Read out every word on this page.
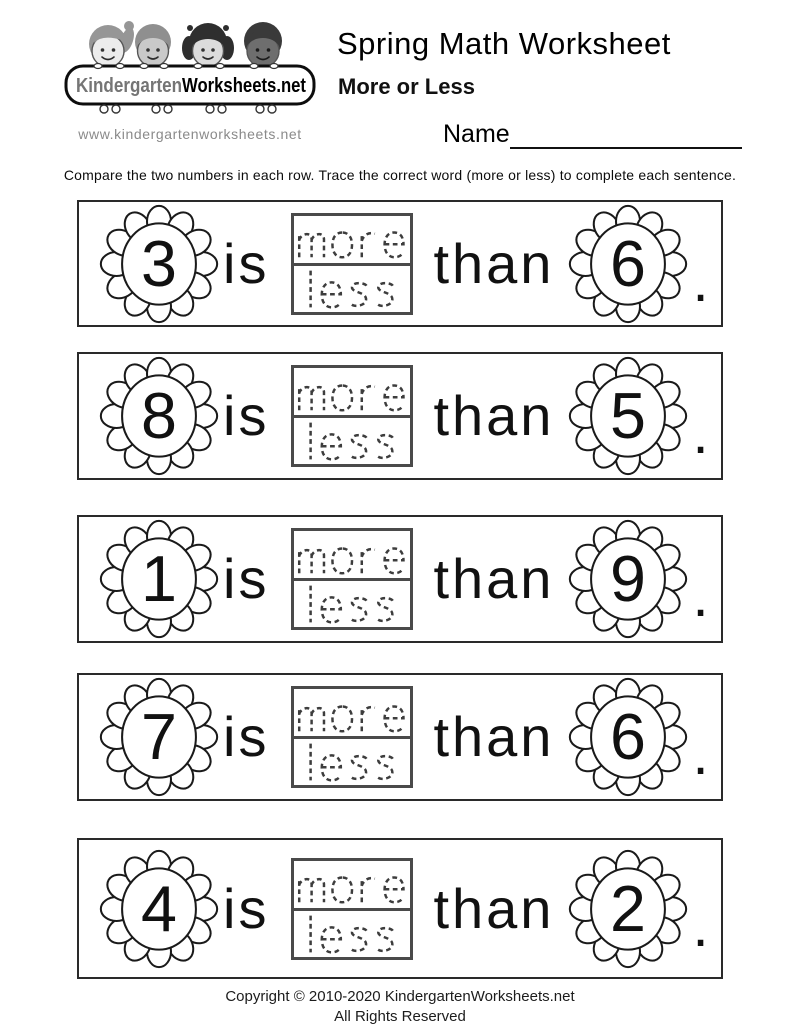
Kindergarten Worksheets.net
www.kindergartenworksheets.net
Spring Math Worksheet
More or Less
Name
Compare the two numbers in each row. Trace the correct word (more or less) to complete each sentence.
3 is	than 6 .
8 is	than 5 .
1 is	than 9 .
7 is	than 6 .
4 is	than 2 .
Copyright © 2010-2020 KindergartenWorksheets.net
All Rights Reserved
